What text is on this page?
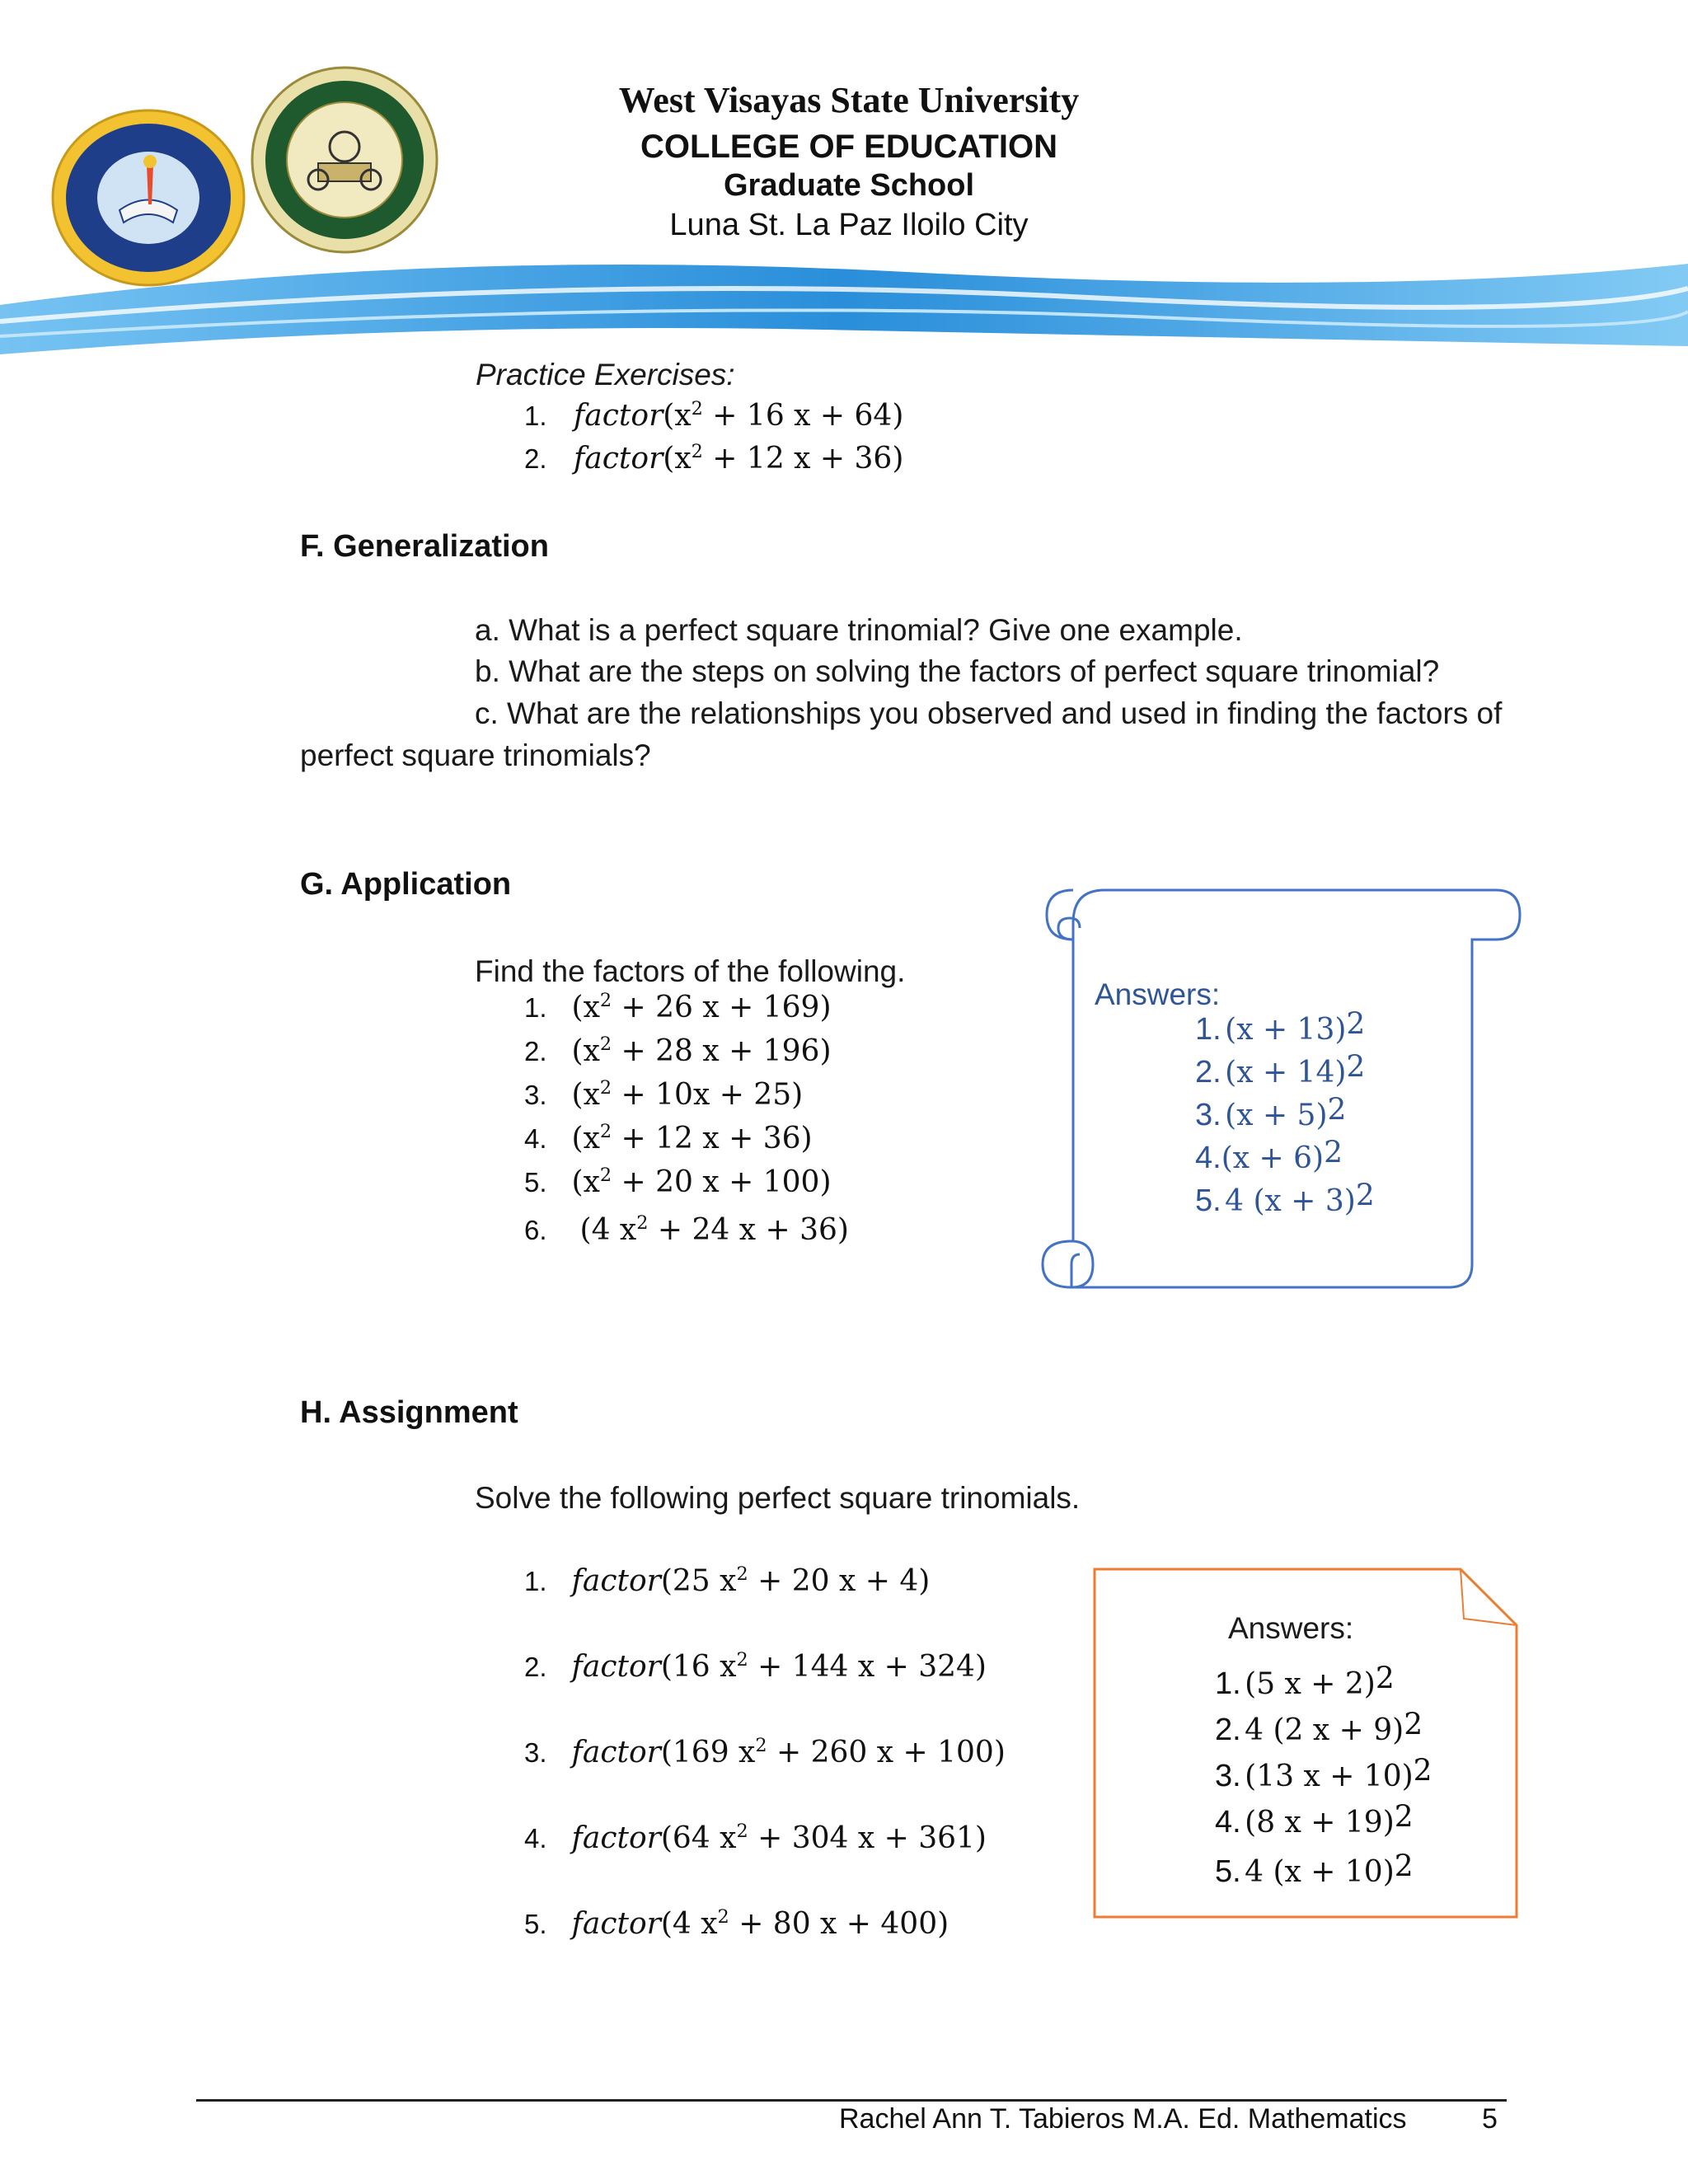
West Visayas State University
COLLEGE OF EDUCATION
Graduate School
Luna St. La Paz Iloilo City
Practice Exercises:
1. $factor(x^2 + 16$ x + 64)
2. $factor(x^2 + 12$ x + 36)
F. Generalization
a. What is a perfect square trinomial? Give one example.
b. What are the steps on solving the factors of perfect square trinomial?
c. What are the relationships you observed and used in finding the factors of
perfect square trinomials?
G. Application
Find the factors of the following.
1. ($x^2 + 26$ x + 169)
2. ($x^2 + 28$ x + 196)
3. $(x^2 + 10x + 25)$
4. ($x^2 + 12$ x + 36)
5. ($x^2 + 20$ x + 100)
6. (4 $x^2 + 24$ x + 36)
Answers:
1. $(x + 13)^2$
2. $(x + 14)^2$
3. $(x + 5)^2$
$4.(x + 6)^2$
5. 4 $(x + 3)^2$
H. Assignment
Solve the following perfect square trinomials.
1. factor(25 $x^2 + 20$ x + 4)
2. factor(16 $x^2 + 144$ x + 324)
3. factor(169 $x^2 + 260$ x + 100)
4. factor(64 $x^2 + 304$ x + 361)
5. factor(4 $x^2 + 80$ x + 400)
Answers:
1. (5 x + 2)$^2$
2. 4 (2 x + 9)$^2$
3. (13 x + 10)$^2$
4. (8 x + 19)$^2$
5. 4 $(x + 10)^2$
Rachel Ann T. Tabieros M.A. Ed. Mathematics	5
